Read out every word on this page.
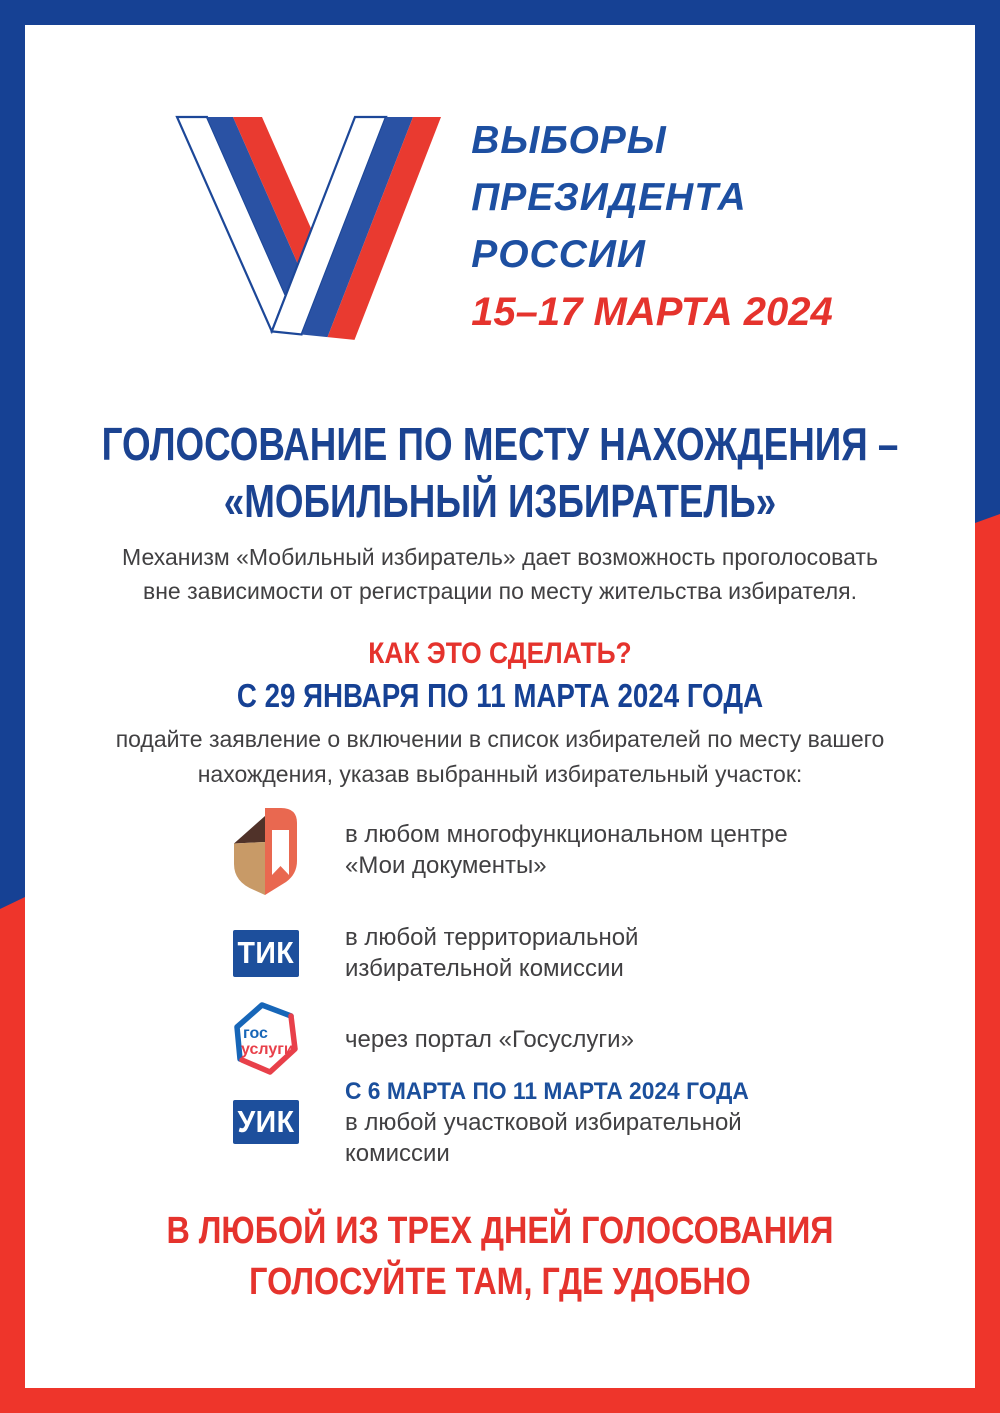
ВЫБОРЫ
ПРЕЗИДЕНТА
РОССИИ
15–17 МАРТА 2024
ГОЛОСОВАНИЕ ПО МЕСТУ НАХОЖДЕНИЯ –
«МОБИЛЬНЫЙ ИЗБИРАТЕЛЬ»
Механизм «Мобильный избиратель» дает возможность проголосовать
вне зависимости от регистрации по месту жительства избирателя.
КАК ЭТО СДЕЛАТЬ?
С 29 ЯНВАРЯ ПО 11 МАРТА 2024 ГОДА
подайте заявление о включении в список избирателей по месту вашего
нахождения, указав выбранный избирательный участок:
в любом многофункциональном центре
«Мои документы»
ТИК в любой территориальной
избирательной комиссии
гос
услуги через портал «Госуслуги»
УИК
С 6 МАРТА ПО 11 МАРТА 2024 ГОДА
в любой участковой избирательной комиссии
В ЛЮБОЙ ИЗ ТРЕХ ДНЕЙ ГОЛОСОВАНИЯ
ГОЛОСУЙТЕ ТАМ, ГДЕ УДОБНО
